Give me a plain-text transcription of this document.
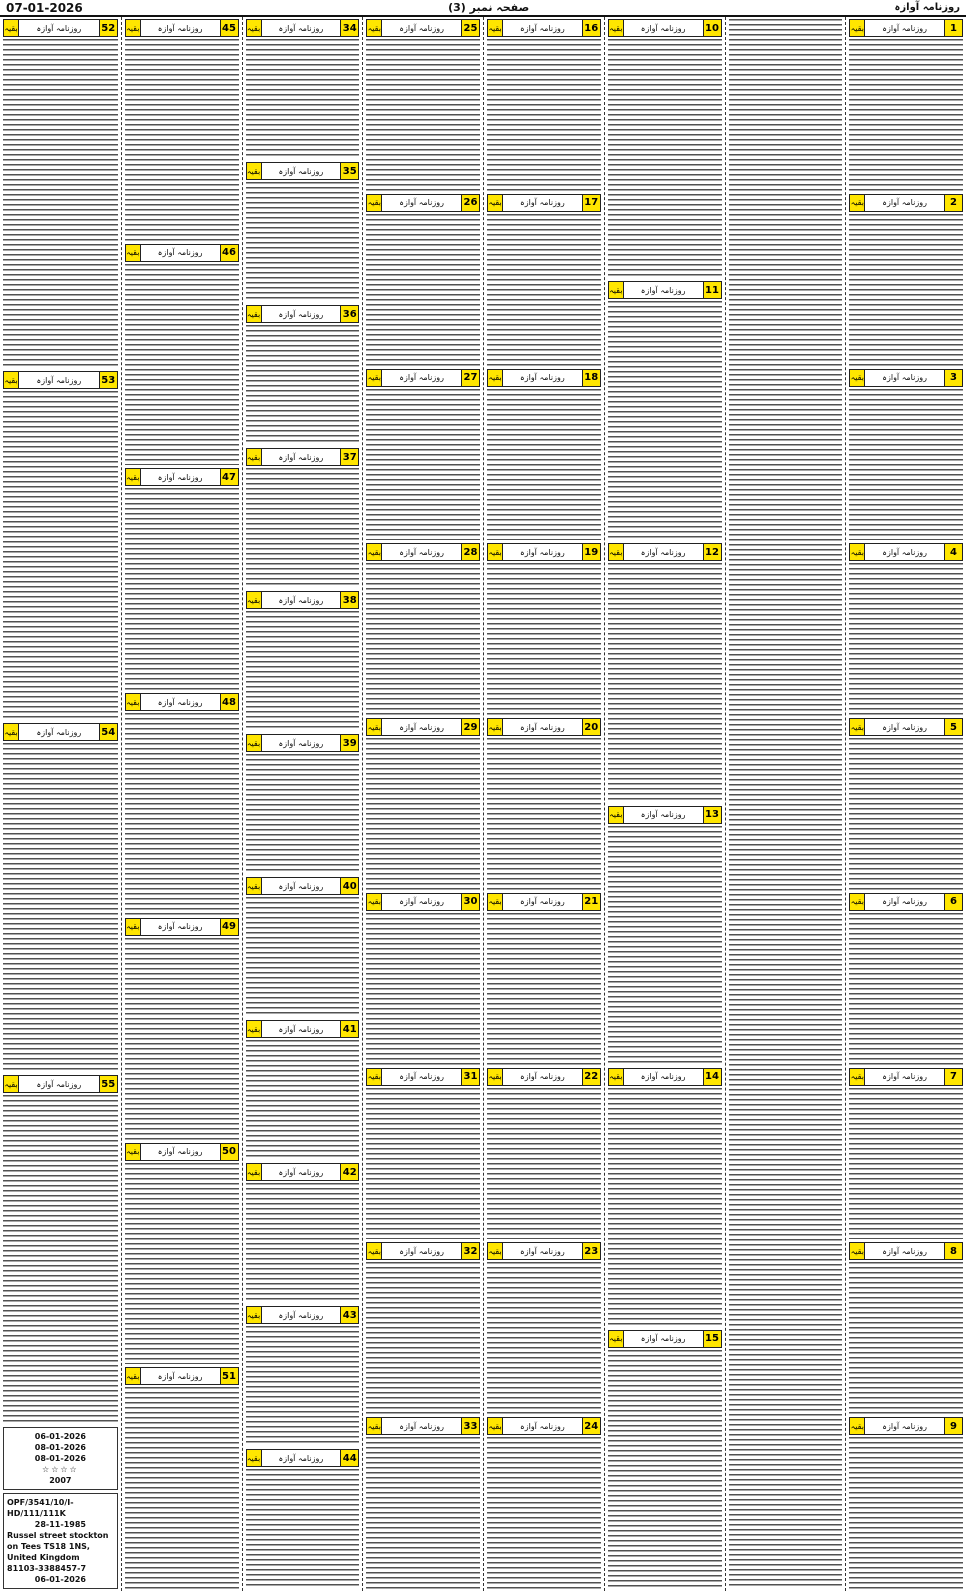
07-01-2026	صفحہ نمبر (3)	روزنامہ آوازہ
1
روزنامہ آوازہ
بقیہ
2
روزنامہ آوازہ
بقیہ
3
روزنامہ آوازہ
بقیہ
4
روزنامہ آوازہ
بقیہ
5
روزنامہ آوازہ
بقیہ
6
روزنامہ آوازہ
بقیہ
7
روزنامہ آوازہ
بقیہ
8
روزنامہ آوازہ
بقیہ
9
روزنامہ آوازہ
بقیہ
10
روزنامہ آوازہ
بقیہ
11
روزنامہ آوازہ
بقیہ
12
روزنامہ آوازہ
بقیہ
13
روزنامہ آوازہ
بقیہ
14
روزنامہ آوازہ
بقیہ
15
روزنامہ آوازہ
بقیہ
16
روزنامہ آوازہ
بقیہ
17
روزنامہ آوازہ
بقیہ
18
روزنامہ آوازہ
بقیہ
19
روزنامہ آوازہ
بقیہ
20
روزنامہ آوازہ
بقیہ
21
روزنامہ آوازہ
بقیہ
22
روزنامہ آوازہ
بقیہ
23
روزنامہ آوازہ
بقیہ
24
روزنامہ آوازہ
بقیہ
25
روزنامہ آوازہ
بقیہ
26
روزنامہ آوازہ
بقیہ
27
روزنامہ آوازہ
بقیہ
28
روزنامہ آوازہ
بقیہ
29
روزنامہ آوازہ
بقیہ
30
روزنامہ آوازہ
بقیہ
31
روزنامہ آوازہ
بقیہ
32
روزنامہ آوازہ
بقیہ
33
روزنامہ آوازہ
بقیہ
34
روزنامہ آوازہ
بقیہ
35
روزنامہ آوازہ
بقیہ
36
روزنامہ آوازہ
بقیہ
37
روزنامہ آوازہ
بقیہ
38
روزنامہ آوازہ
بقیہ
39
روزنامہ آوازہ
بقیہ
40
روزنامہ آوازہ
بقیہ
41
روزنامہ آوازہ
بقیہ
42
روزنامہ آوازہ
بقیہ
43
روزنامہ آوازہ
بقیہ
44
روزنامہ آوازہ
بقیہ
45
روزنامہ آوازہ
بقیہ
46
روزنامہ آوازہ
بقیہ
47
روزنامہ آوازہ
بقیہ
48
روزنامہ آوازہ
بقیہ
49
روزنامہ آوازہ
بقیہ
50
روزنامہ آوازہ
بقیہ
51
روزنامہ آوازہ
بقیہ
52
روزنامہ آوازہ
بقیہ
53
روزنامہ آوازہ
بقیہ
54
روزنامہ آوازہ
بقیہ
55
روزنامہ آوازہ
بقیہ
06-01-2026
08-01-2026
08-01-2026
☆☆☆☆
2007
OPF/3541/10/I-HD/111/111K
28-11-1985
Russel street stockton on Tees TS18 1NS, United Kingdom
81103-3388457-7
06-01-2026
